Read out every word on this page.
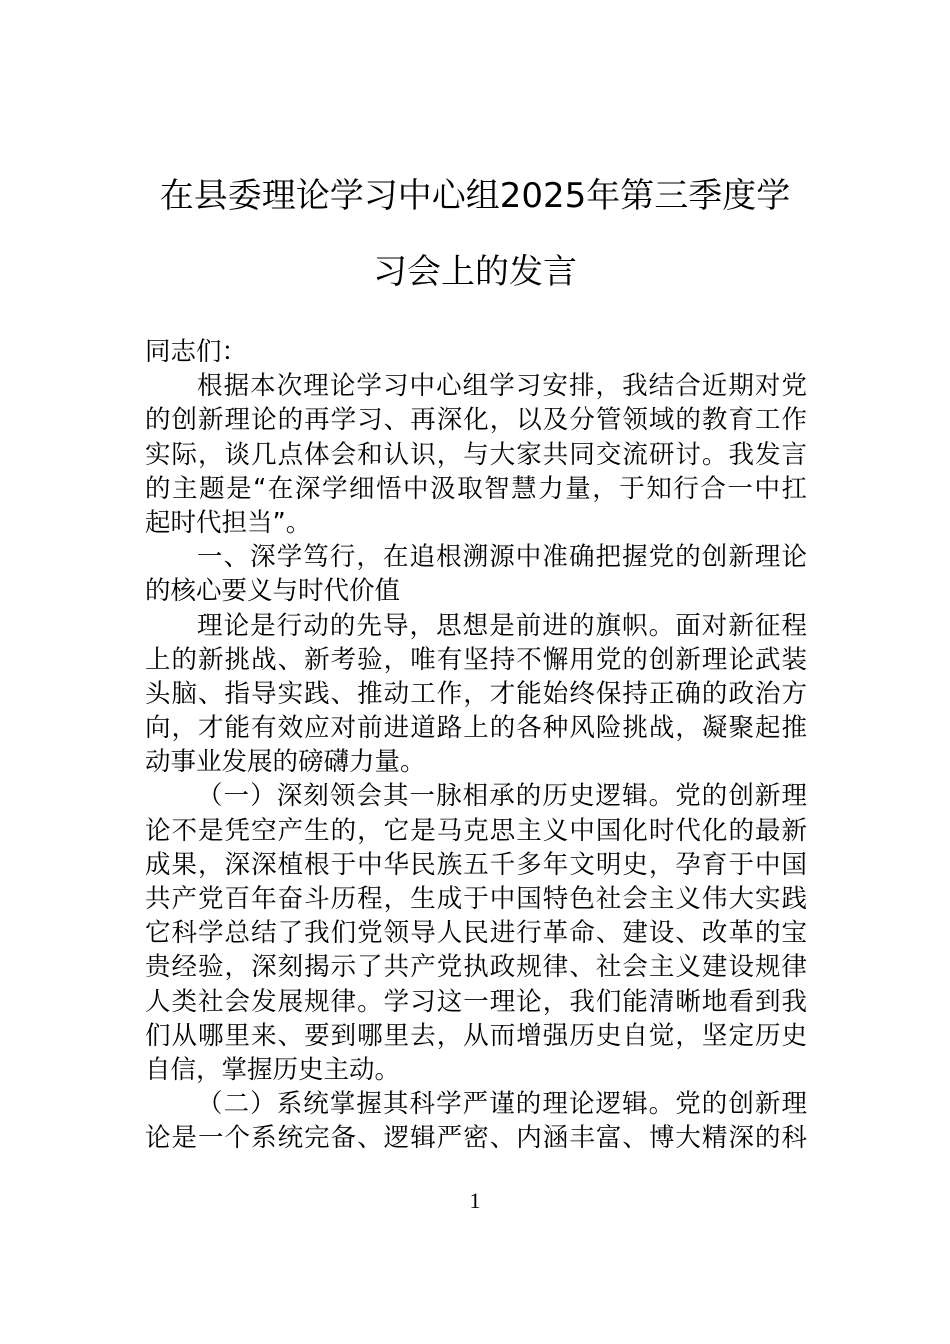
在县委理论学习中心组2025年第三季度学
习会上的发言
同志们：
根据本次理论学习中心组学习安排，我结合近期对党
的创新理论的再学习、再深化，以及分管领域的教育工作
实际，谈几点体会和认识，与大家共同交流研讨。我发言
的主题是“在深学细悟中汲取智慧力量，于知行合一中扛
起时代担当”。
一、深学笃行，在追根溯源中准确把握党的创新理论
的核心要义与时代价值
理论是行动的先导，思想是前进的旗帜。面对新征程
上的新挑战、新考验，唯有坚持不懈用党的创新理论武装
头脑、指导实践、推动工作，才能始终保持正确的政治方
向，才能有效应对前进道路上的各种风险挑战，凝聚起推
动事业发展的磅礴力量。
（一）深刻领会其一脉相承的历史逻辑。党的创新理
论不是凭空产生的，它是马克思主义中国化时代化的最新
成果，深深植根于中华民族五千多年文明史，孕育于中国
共产党百年奋斗历程，生成于中国特色社会主义伟大实践
它科学总结了我们党领导人民进行革命、建设、改革的宝
贵经验，深刻揭示了共产党执政规律、社会主义建设规律
人类社会发展规律。学习这一理论，我们能清晰地看到我
们从哪里来、要到哪里去，从而增强历史自觉，坚定历史
自信，掌握历史主动。
（二）系统掌握其科学严谨的理论逻辑。党的创新理
论是一个系统完备、逻辑严密、内涵丰富、博大精深的科
1
